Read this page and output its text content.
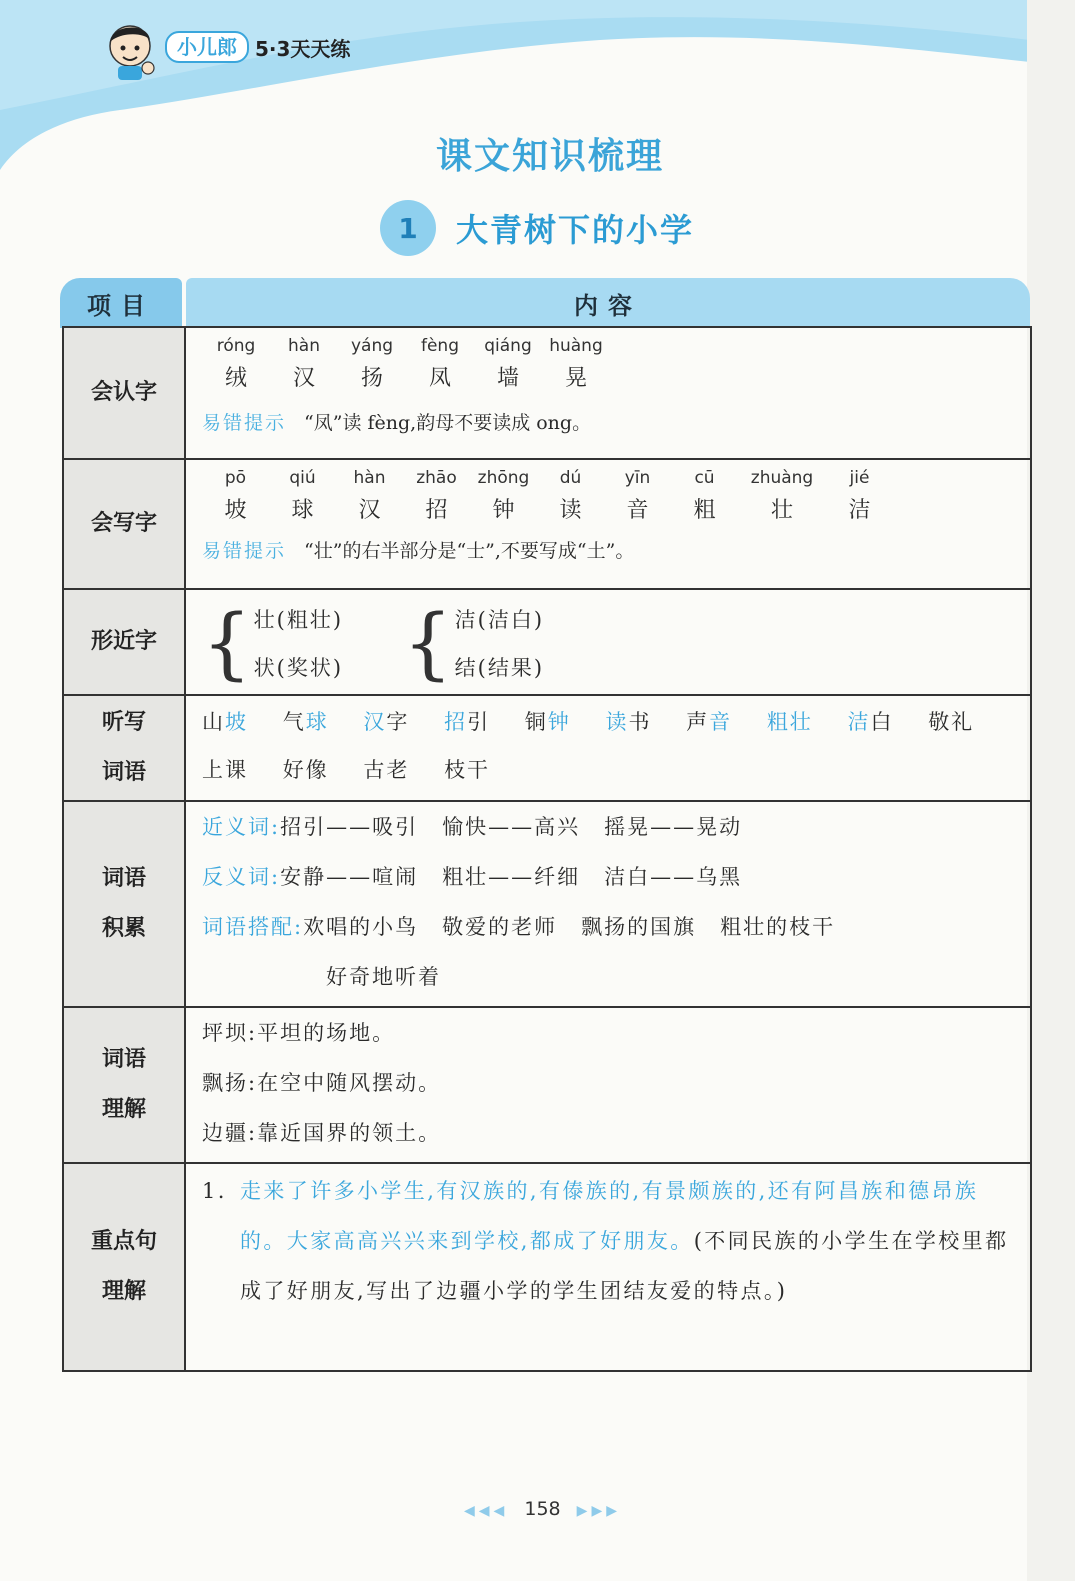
小儿郎 5·3天天练
课文知识梳理
1	大青树下的小学
项目	内容
会认字
róng
绒
hàn
汉
yáng
扬
fèng
凤
qiáng
墙
huàng
晃
易错提示 “凤”读 fèng,韵母不要读成 ong。
会写字
pō
坡
qiú
球
hàn
汉
zhāo
招
zhōng
钟
dú
读
yīn
音
cū
粗
zhuàng
壮
jié
洁
易错提示 “壮”的右半部分是“士”,不要写成“土”。
形近字 { 壮(粗壮)
状(奖状) { 洁(洁白)
结(结果)
听写
词语
山坡 气球 汉字 招引 铜钟 读书 声音 粗壮 洁白 敬礼
上课 好像 古老 枝干
词语
积累
近义词:招引——吸引 愉快——高兴 摇晃——晃动
反义词:安静——喧闹 粗壮——纤细 洁白——乌黑
词语搭配:欢唱的小鸟 敬爱的老师 飘扬的国旗 粗壮的枝干
好奇地听着
词语
理解
坪坝:平坦的场地。
飘扬:在空中随风摆动。
边疆:靠近国界的领土。
重点句
理解
1. 走来了许多小学生,有汉族的,有傣族的,有景颇族的,还有阿昌族和德昂族的。大家高高兴兴来到学校,都成了好朋友。(不同民族的小学生在学校里都成了好朋友,写出了边疆小学的学生团结友爱的特点。)
◀◀◀ 158 ▶▶▶
